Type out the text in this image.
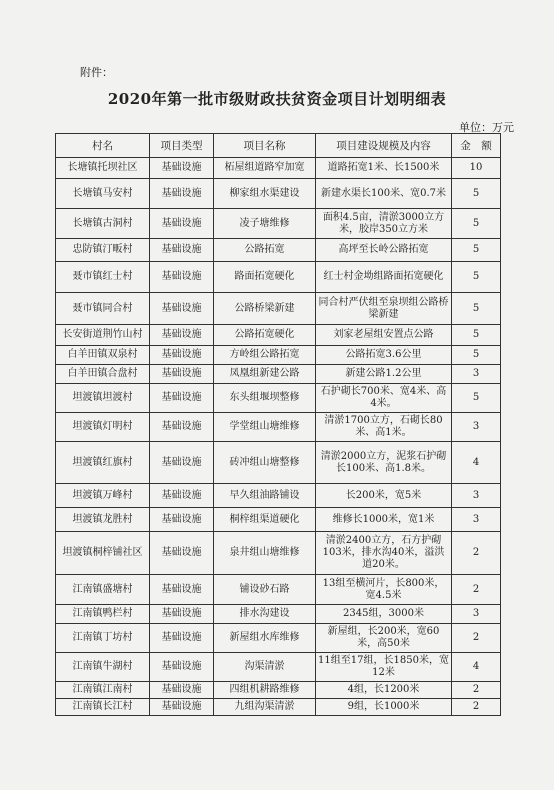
附件：
2020年第一批市级财政扶贫资金项目计划明细表
单位：万元
村名	项目类型	项目名称	项目建设规模及内容	金　额
长塘镇托坝社区	基础设施	柘屋组道路窄加宽	道路拓宽1米、长1500米	10
长塘镇马安村	基础设施	柳家组水渠建设	新建水渠长100米、宽0.7米	5
长塘镇古洞村	基础设施	凌子塘维修	面积4.5亩，清淤3000立方米，胶岸350立方米	5
忠防镇汀畈村	基础设施	公路拓宽	高坪至长岭公路拓宽	5
聂市镇红士村	基础设施	路面拓宽硬化	红士村金坳组路面拓宽硬化	5
聂市镇同合村	基础设施	公路桥梁新建	同合村严伏组至泉坝组公路桥梁新建	5
长安街道荆竹山村	基础设施	公路拓宽硬化	刘家老屋组安置点公路	5
白羊田镇双泉村	基础设施	方岭组公路拓宽	公路拓宽3.6公里	5
白羊田镇合盘村	基础设施	凤凰组新建公路	新建公路1.2公里	3
坦渡镇坦渡村	基础设施	东头组堰坝整修	石护砌长700米、宽4米、高4米。	5
坦渡镇灯明村	基础设施	学堂组山塘维修	清淤1700立方，石砌长80米、高1米。	3
坦渡镇红旗村	基础设施	砖冲组山塘整修	清淤2000立方，泥浆石护砌长100米、高1.8米。	4
坦渡镇万峰村	基础设施	早久组油路铺设	长200米，宽5米	3
坦渡镇龙胜村	基础设施	桐梓组渠道硬化	维修长1000米，宽1米	3
坦渡镇桐梓铺社区	基础设施	泉井组山塘维修	清淤2400立方，石方护砌103米，排水沟40米，溢洪道20米。	2
江南镇盛塘村	基础设施	铺设砂石路	13组至横河片，长800米，宽4.5米	2
江南镇鸭栏村	基础设施	排水沟建设	2345组，3000米	3
江南镇丁坊村	基础设施	新屋组水库维修	新屋组，长200米，宽60米，高50米	2
江南镇牛湖村	基础设施	沟渠清淤	11组至17组，长1850米，宽12米	4
江南镇江南村	基础设施	四组机耕路维修	4组，长1200米	2
江南镇长江村	基础设施	九组沟渠清淤	9组，长1000米	2
